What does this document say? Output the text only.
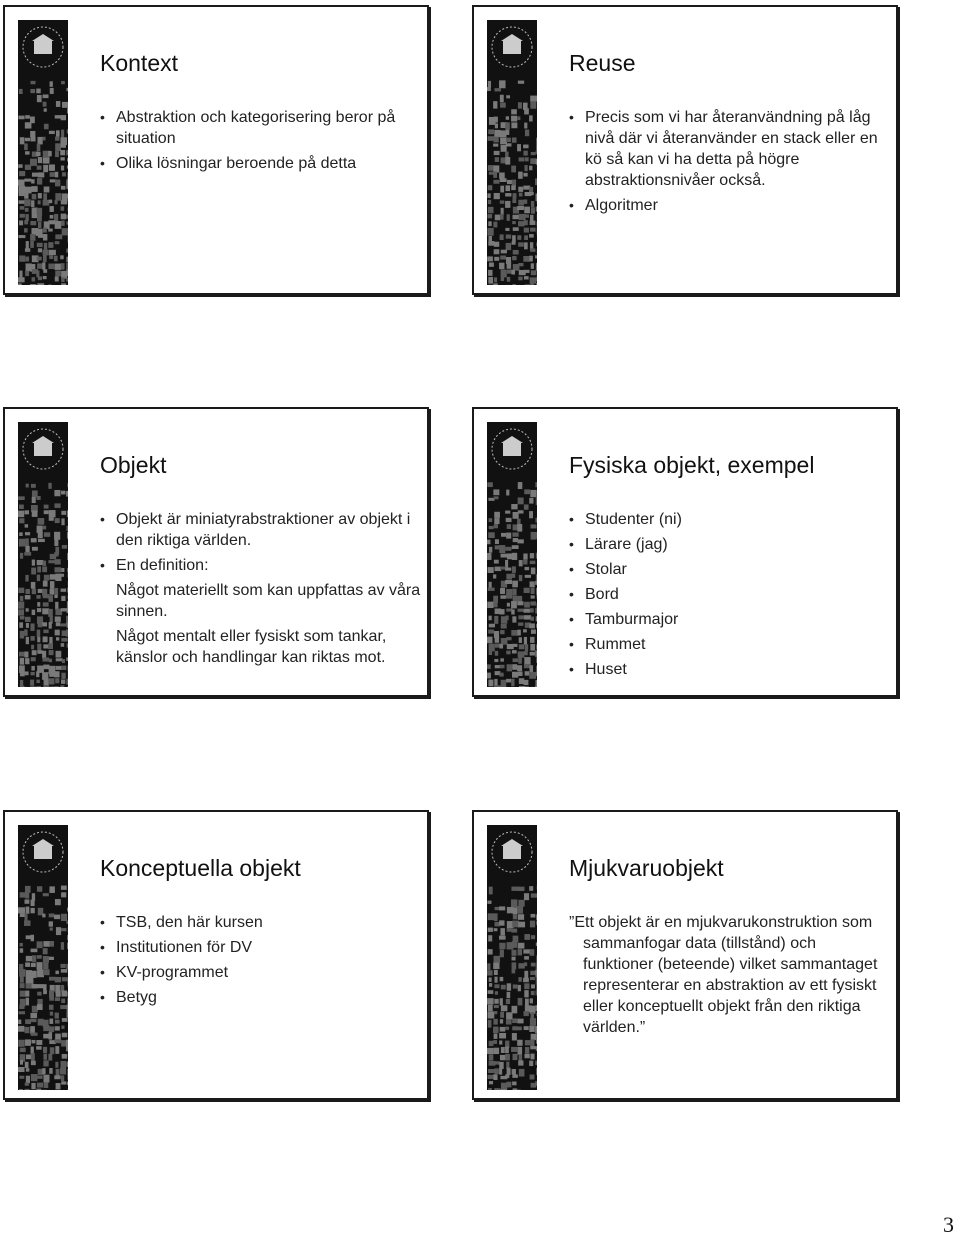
Kontext
• Abstraktion och kategorisering beror på situation
• Olika lösningar beroende på detta
Reuse
• Precis som vi har återanvändning på låg nivå där vi återanvänder en stack eller en kö så kan vi ha detta på högre abstraktionsnivåer också.
• Algoritmer
Objekt
• Objekt är miniatyrabstraktioner av objekt i den riktiga världen.
• En definition:
Något materiellt som kan uppfattas av våra sinnen.
Något mentalt eller fysiskt som tankar, känslor och handlingar kan riktas mot.
Fysiska objekt, exempel
• Studenter (ni)
• Lärare (jag)
• Stolar
• Bord
• Tamburmajor
• Rummet
• Huset
Konceptuella objekt
• TSB, den här kursen
• Institutionen för DV
• KV-programmet
• Betyg
Mjukvaruobjekt
”Ett objekt är en mjukvarukonstruktion som sammanfogar data (tillstånd) och funktioner (beteende) vilket sammantaget representerar en abstraktion av ett fysiskt eller konceptuellt objekt från den riktiga världen.”
3
